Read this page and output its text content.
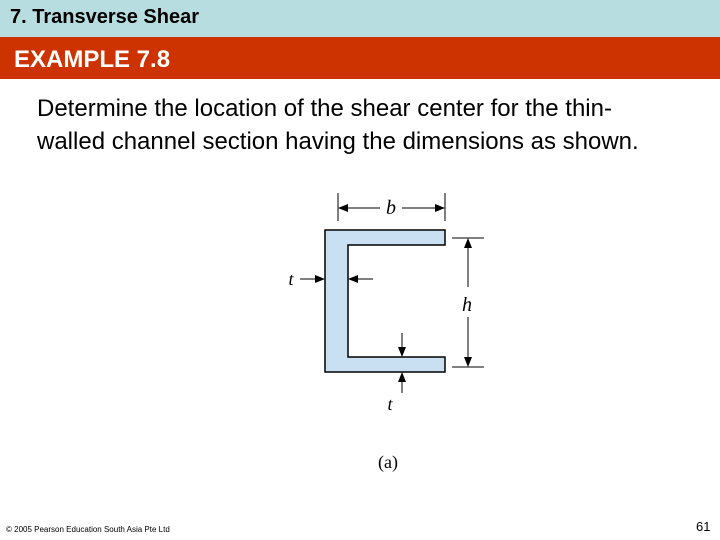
7. Transverse Shear
EXAMPLE 7.8
Determine the location of the shear center for the thin-walled channel section having the dimensions as shown.
b
h
t
t
(a)
© 2005 Pearson Education South Asia Pte Ltd	61
